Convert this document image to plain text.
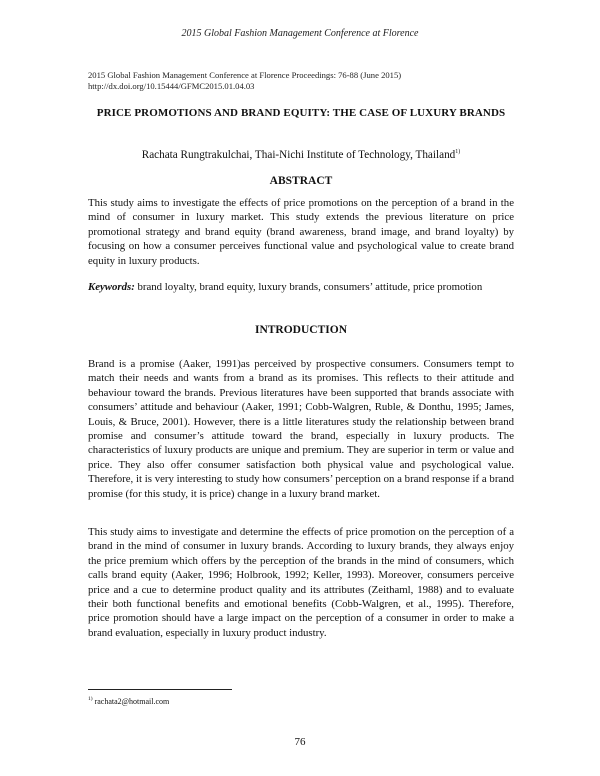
2015 Global Fashion Management Conference at Florence
2015 Global Fashion Management Conference at Florence Proceedings: 76-88 (June 2015)
http://dx.doi.org/10.15444/GFMC2015.01.04.03
PRICE PROMOTIONS AND BRAND EQUITY: THE CASE OF LUXURY BRANDS
Rachata Rungtrakulchai, Thai-Nichi Institute of Technology, Thailand$^{1)}$
ABSTRACT
This study aims to investigate the effects of price promotions on the perception of a brand in the mind of consumer in luxury market. This study extends the previous literature on price promotional strategy and brand equity (brand awareness, brand image, and brand loyalty) by focusing on how a consumer perceives functional value and psychological value to create brand equity in luxury products.
Keywords: brand loyalty, brand equity, luxury brands, consumers’ attitude, price promotion
INTRODUCTION
Brand is a promise (Aaker, 1991)as perceived by prospective consumers. Consumers tempt to match their needs and wants from a brand as its promises. This reflects to their attitude and behaviour toward the brands. Previous literatures have been supported that brands associate with consumers’ attitude and behaviour (Aaker, 1991; Cobb-Walgren, Ruble, & Donthu, 1995; James, Louis, & Bruce, 2001). However, there is a little literatures study the relationship between brand promise and consumer’s attitude toward the brand, especially in luxury products. The characteristics of luxury products are unique and premium. They are superior in term or value and price. They also offer consumer satisfaction both physical value and psychological value. Therefore, it is very interesting to study how consumers’ perception on a brand response if a brand promise (for this study, it is price) change in a luxury brand market.
This study aims to investigate and determine the effects of price promotion on the perception of a brand in the mind of consumer in luxury brands. According to luxury brands, they always enjoy the price premium which offers by the perception of the brands in the mind of consumers, which calls brand equity (Aaker, 1996; Holbrook, 1992; Keller, 1993). Moreover, consumers perceive price and a cue to determine product quality and its attributes (Zeithaml, 1988) and to evaluate their both functional benefits and emotional benefits (Cobb-Walgren, et al., 1995). Therefore, price promotion should have a large impact on the perception of a consumer in order to make a brand evaluation, especially in luxury product industry.
$^{1)}$ rachata2@hotmail.com
76
